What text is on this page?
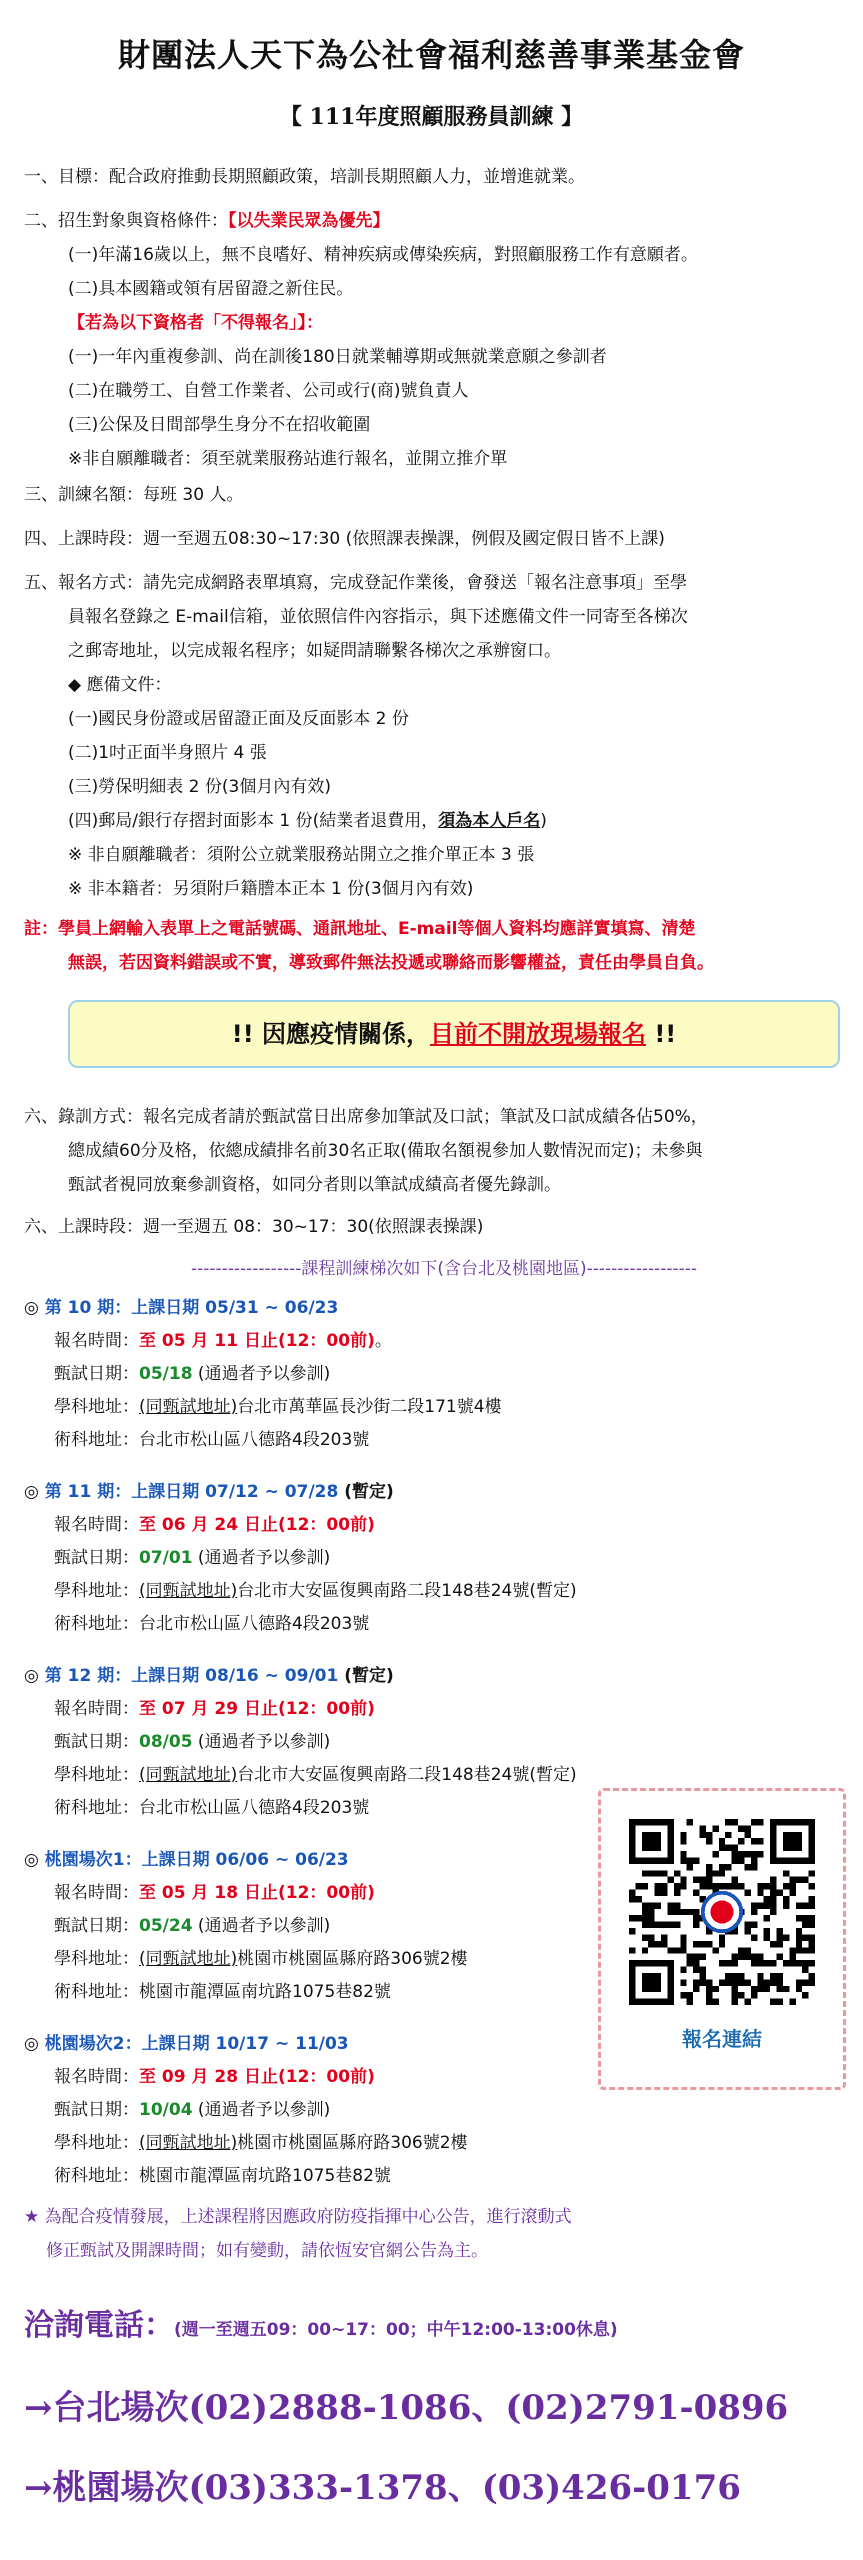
財團法人天下為公社會福利慈善事業基金會
【 111年度照顧服務員訓練 】
一、目標：配合政府推動長期照顧政策，培訓長期照顧人力，並增進就業。
二、招生對象與資格條件：【以失業民眾為優先】
(一)年滿16歲以上，無不良嗜好、精神疾病或傳染疾病，對照顧服務工作有意願者。
(二)具本國籍或領有居留證之新住民。
【若為以下資格者「不得報名」】：
(一)一年內重複參訓、尚在訓後180日就業輔導期或無就業意願之參訓者
(二)在職勞工、自營工作業者、公司或行(商)號負責人
(三)公保及日間部學生身分不在招收範圍
※非自願離職者：須至就業服務站進行報名，並開立推介單
三、訓練名額：每班 30 人。
四、上課時段：週一至週五08:30~17:30 (依照課表操課，例假及國定假日皆不上課)
五、報名方式：請先完成網路表單填寫，完成登記作業後，會發送「報名注意事項」至學
員報名登錄之 E-mail信箱，並依照信件內容指示，與下述應備文件一同寄至各梯次
之郵寄地址，以完成報名程序；如疑問請聯繫各梯次之承辦窗口。
◆ 應備文件：
(一)國民身份證或居留證正面及反面影本 2 份
(二)1吋正面半身照片 4 張
(三)勞保明細表 2 份(3個月內有效)
(四)郵局/銀行存摺封面影本 1 份(結業者退費用，須為本人戶名)
※ 非自願離職者：須附公立就業服務站開立之推介單正本 3 張
※ 非本籍者：另須附戶籍謄本正本 1 份(3個月內有效)
註：學員上網輸入表單上之電話號碼、通訊地址、E-mail等個人資料均應詳實填寫、清楚
無誤，若因資料錯誤或不實，導致郵件無法投遞或聯絡而影響權益，責任由學員自負。
!! 因應疫情關係，目前不開放現場報名 !!
六、錄訓方式：報名完成者請於甄試當日出席參加筆試及口試；筆試及口試成績各佔50%，
總成績60分及格，依總成績排名前30名正取(備取名額視參加人數情況而定)；未參與
甄試者視同放棄參訓資格，如同分者則以筆試成績高者優先錄訓。
六、上課時段：週一至週五 08：30~17：30(依照課表操課)
------------------課程訓練梯次如下(含台北及桃園地區)------------------
◎ 第 10 期：上課日期 05/31 ~ 06/23
報名時間：至 05 月 11 日止(12：00前)。
甄試日期：05/18 (通過者予以參訓)
學科地址：(同甄試地址)台北市萬華區長沙街二段171號4樓
術科地址：台北市松山區八德路4段203號
◎ 第 11 期：上課日期 07/12 ~ 07/28 (暫定)
報名時間：至 06 月 24 日止(12：00前)
甄試日期：07/01 (通過者予以參訓)
學科地址：(同甄試地址)台北市大安區復興南路二段148巷24號(暫定)
術科地址：台北市松山區八德路4段203號
◎ 第 12 期：上課日期 08/16 ~ 09/01 (暫定)
報名時間：至 07 月 29 日止(12：00前)
甄試日期：08/05 (通過者予以參訓)
學科地址：(同甄試地址)台北市大安區復興南路二段148巷24號(暫定)
術科地址：台北市松山區八德路4段203號
◎ 桃園場次1：上課日期 06/06 ~ 06/23
報名時間：至 05 月 18 日止(12：00前)
甄試日期：05/24 (通過者予以參訓)
學科地址：(同甄試地址)桃園市桃園區縣府路306號2樓
術科地址：桃園市龍潭區南坑路1075巷82號
◎ 桃園場次2：上課日期 10/17 ~ 11/03
報名時間：至 09 月 28 日止(12：00前)
甄試日期：10/04 (通過者予以參訓)
學科地址：(同甄試地址)桃園市桃園區縣府路306號2樓
術科地址：桃園市龍潭區南坑路1075巷82號
報名連結
★ 為配合疫情發展，上述課程將因應政府防疫指揮中心公告，進行滾動式
修正甄試及開課時間；如有變動，請依恆安官網公告為主。
洽詢電話：(週一至週五09：00~17：00；中午12:00-13:00休息)
→台北場次(02)2888-1086、(02)2791-0896
→桃園場次(03)333-1378、(03)426-0176
